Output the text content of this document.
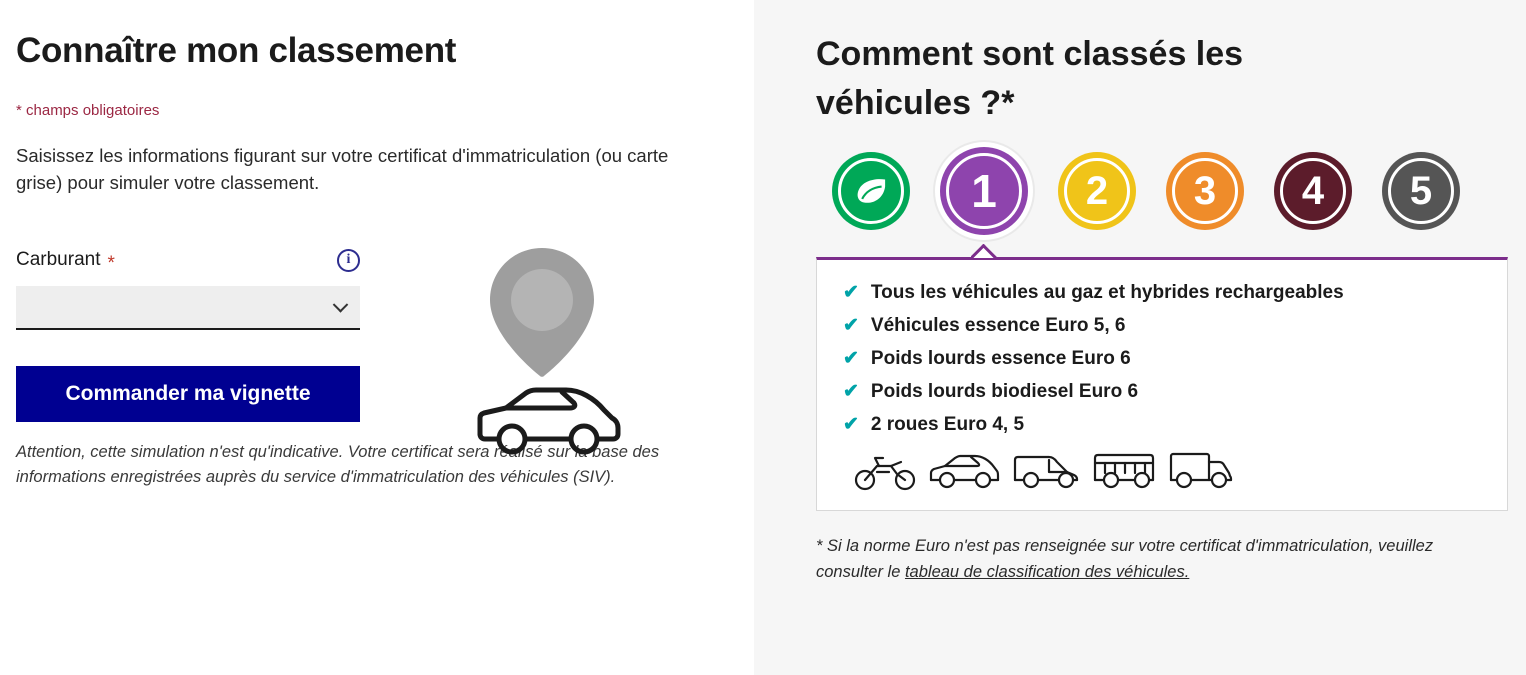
Connaître mon classement
* champs obligatoires

Saisissez les informations figurant sur votre certificat d'immatriculation (ou carte grise) pour simuler votre classement.

Carburant *	i
Commander ma vignette

Attention, cette simulation n'est qu'indicative. Votre certificat sera réalisé sur la base des informations enregistrées auprès du service d'immatriculation des véhicules (SIV).

Comment sont classés les véhicules ?*
1 2 3 4 5
✔ Tous les véhicules au gaz et hybrides rechargeables
✔ Véhicules essence Euro 5, 6
✔ Poids lourds essence Euro 6
✔ Poids lourds biodiesel Euro 6
✔ 2 roues Euro 4, 5

* Si la norme Euro n'est pas renseignée sur votre certificat d'immatriculation, veuillez consulter le tableau de classification des véhicules.
